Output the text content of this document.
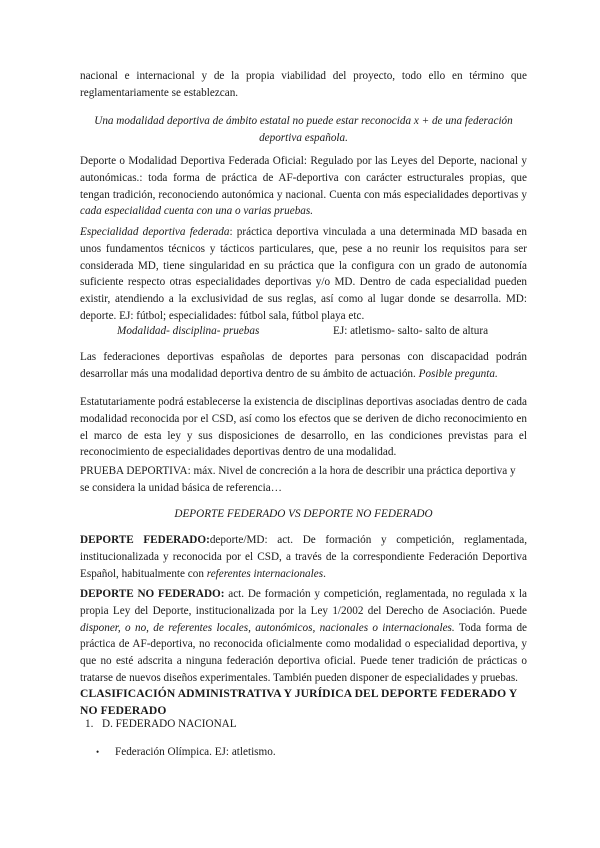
nacional e internacional y de la propia viabilidad del proyecto, todo ello en término que reglamentariamente se establezcan.

Una modalidad deportiva de ámbito estatal no puede estar reconocida x + de una federación deportiva española.

Deporte o Modalidad Deportiva Federada Oficial: Regulado por las Leyes del Deporte, nacional y autonómicas.: toda forma de práctica de AF-deportiva con carácter estructurales propias, que tengan tradición, reconociendo autonómica y nacional. Cuenta con más especialidades deportivas y cada especialidad cuenta con una o varias pruebas.

Especialidad deportiva federada: práctica deportiva vinculada a una determinada MD basada en unos fundamentos técnicos y tácticos particulares, que, pese a no reunir los requisitos para ser considerada MD, tiene singularidad en su práctica que la configura con un grado de autonomía suficiente respecto otras especialidades deportivas y/o MD. Dentro de cada especialidad pueden existir, atendiendo a la exclusividad de sus reglas, así como al lugar donde se desarrolla. MD: deporte. EJ: fútbol; especialidades: fútbol sala, fútbol playa etc.

Modalidad- disciplina- pruebas	EJ: atletismo- salto- salto de altura

Las federaciones deportivas españolas de deportes para personas con discapacidad podrán desarrollar más una modalidad deportiva dentro de su ámbito de actuación. Posible pregunta.

Estatutariamente podrá establecerse la existencia de disciplinas deportivas asociadas dentro de cada modalidad reconocida por el CSD, así como los efectos que se deriven de dicho reconocimiento en el marco de esta ley y sus disposiciones de desarrollo, en las condiciones previstas para el reconocimiento de especialidades deportivas dentro de una modalidad.

PRUEBA DEPORTIVA: máx. Nivel de concreción a la hora de describir una práctica deportiva y se considera la unidad básica de referencia…

DEPORTE FEDERADO VS DEPORTE NO FEDERADO

DEPORTE FEDERADO:deporte/MD: act. De formación y competición, reglamentada, institucionalizada y reconocida por el CSD, a través de la correspondiente Federación Deportiva Español, habitualmente con referentes internacionales.

DEPORTE NO FEDERADO: act. De formación y competición, reglamentada, no regulada x la propia Ley del Deporte, institucionalizada por la Ley 1/2002 del Derecho de Asociación. Puede disponer, o no, de referentes locales, autonómicos, nacionales o internacionales. Toda forma de práctica de AF-deportiva, no reconocida oficialmente como modalidad o especialidad deportiva, y que no esté adscrita a ninguna federación deportiva oficial. Puede tener tradición de prácticas o tratarse de nuevos diseños experimentales. También pueden disponer de especialidades y pruebas.

CLASIFICACIÓN ADMINISTRATIVA Y JURÍDICA DEL DEPORTE FEDERADO Y NO FEDERADO

1. D. FEDERADO NACIONAL

• Federación Olímpica. EJ: atletismo.
